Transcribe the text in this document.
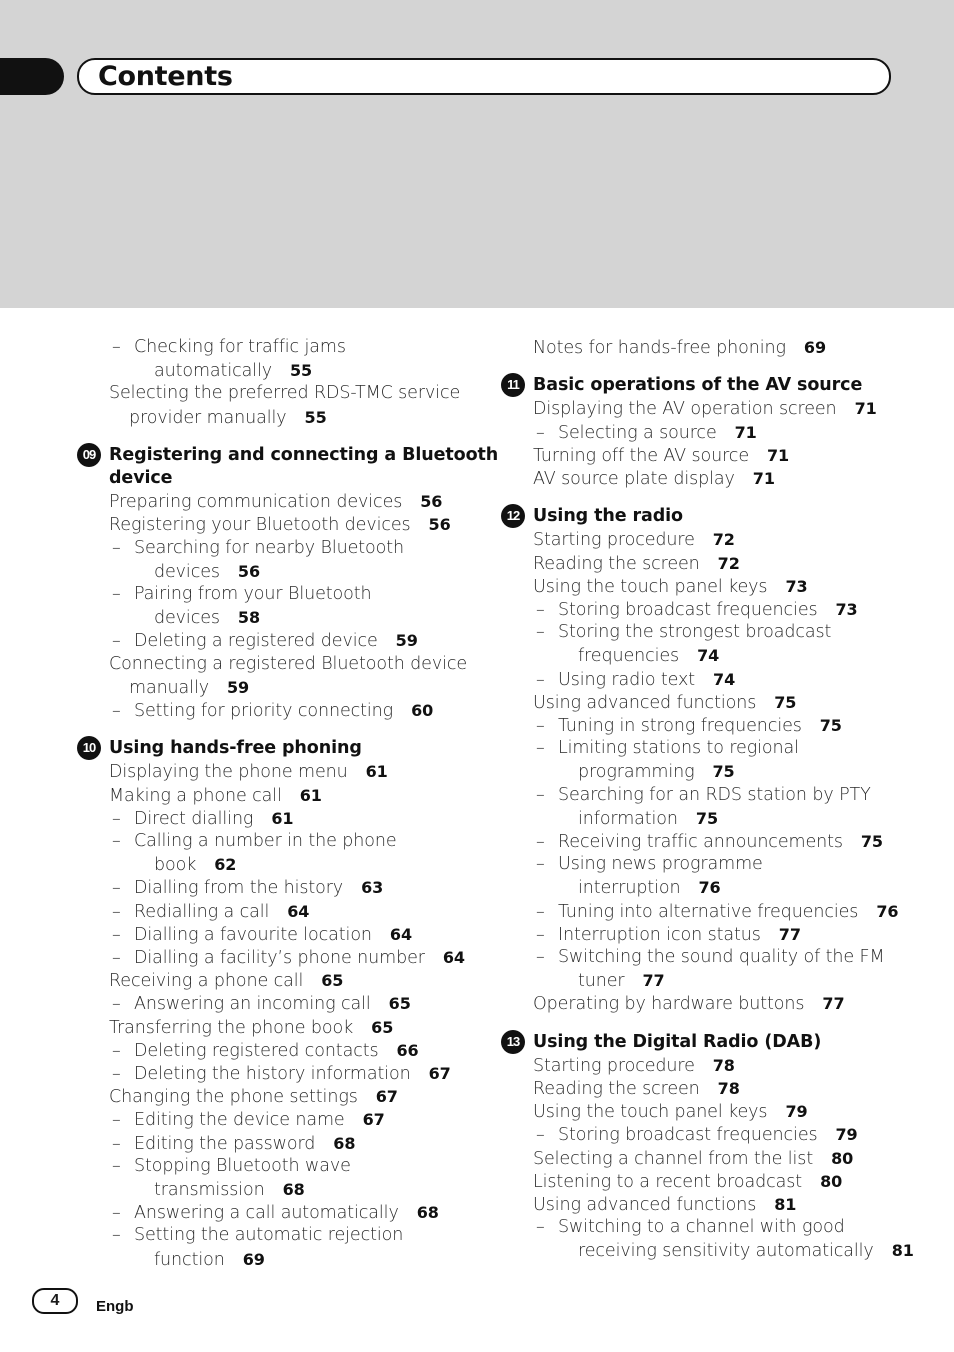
Contents
– Checking for traffic jams
automatically 55
Selecting the preferred RDS-TMC service
provider manually 55
09 Registering and connecting a Bluetooth
device
Preparing communication devices 56
Registering your Bluetooth devices 56
– Searching for nearby Bluetooth
devices 56
– Pairing from your Bluetooth
devices 58
– Deleting a registered device 59
Connecting a registered Bluetooth device
manually 59
– Setting for priority connecting 60
10 Using hands-free phoning
Displaying the phone menu 61
Making a phone call 61
– Direct dialling 61
– Calling a number in the phone
book 62
– Dialling from the history 63
– Redialling a call 64
– Dialling a favourite location 64
– Dialling a facility’s phone number 64
Receiving a phone call 65
– Answering an incoming call 65
Transferring the phone book 65
– Deleting registered contacts 66
– Deleting the history information 67
Changing the phone settings 67
– Editing the device name 67
– Editing the password 68
– Stopping Bluetooth wave
transmission 68
– Answering a call automatically 68
– Setting the automatic rejection
function 69
Notes for hands-free phoning 69
11 Basic operations of the AV source
Displaying the AV operation screen 71
– Selecting a source 71
Turning off the AV source 71
AV source plate display 71
12 Using the radio
Starting procedure 72
Reading the screen 72
Using the touch panel keys 73
– Storing broadcast frequencies 73
– Storing the strongest broadcast
frequencies 74
– Using radio text 74
Using advanced functions 75
– Tuning in strong frequencies 75
– Limiting stations to regional
programming 75
– Searching for an RDS station by PTY
information 75
– Receiving traffic announcements 75
– Using news programme
interruption 76
– Tuning into alternative frequencies 76
– Interruption icon status 77
– Switching the sound quality of the FM
tuner 77
Operating by hardware buttons 77
13 Using the Digital Radio (DAB)
Starting procedure 78
Reading the screen 78
Using the touch panel keys 79
– Storing broadcast frequencies 79
Selecting a channel from the list 80
Listening to a recent broadcast 80
Using advanced functions 81
– Switching to a channel with good
receiving sensitivity automatically 81
4	Engb
